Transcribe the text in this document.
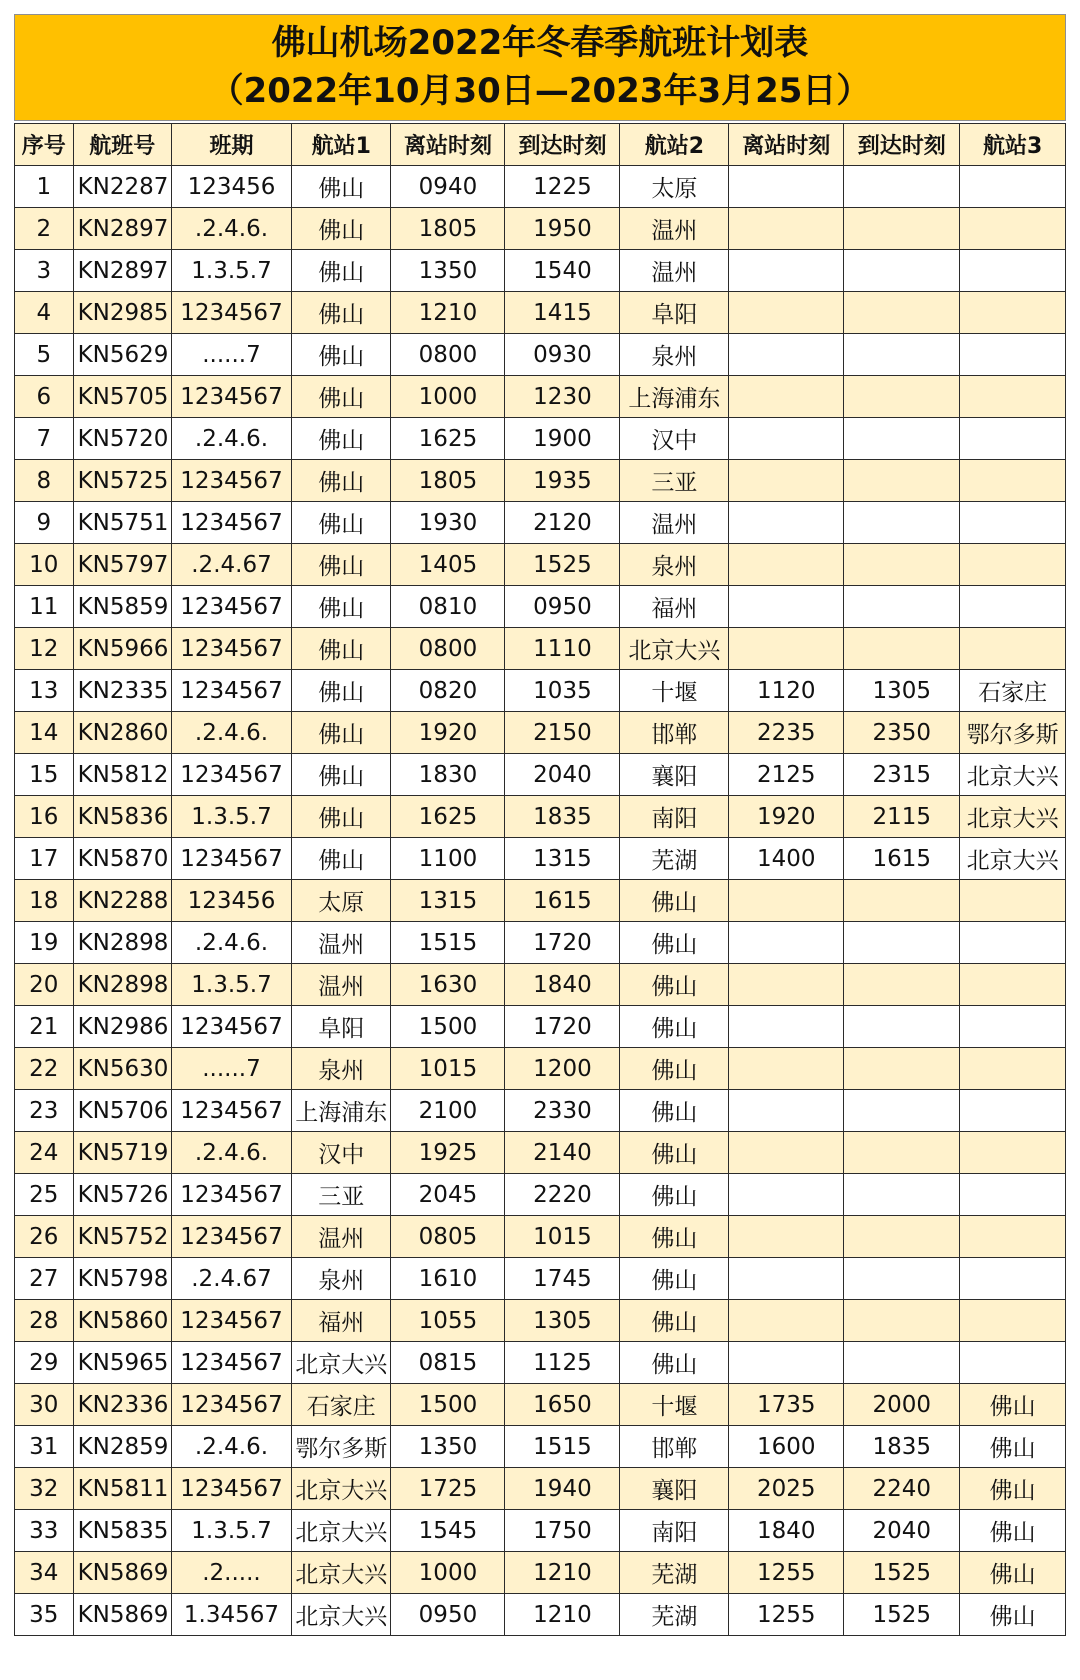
佛山机场2022年冬春季航班计划表
（2022年10月30日—2023年3月25日）
序号	航班号	班期	航站1	离站时刻	到达时刻	航站2	离站时刻	到达时刻	航站3
1	KN2287	123456	佛山	0940	1225	太原			
2	KN2897	.2.4.6.	佛山	1805	1950	温州			
3	KN2897	1.3.5.7	佛山	1350	1540	温州			
4	KN2985	1234567	佛山	1210	1415	阜阳			
5	KN5629	......7	佛山	0800	0930	泉州			
6	KN5705	1234567	佛山	1000	1230	上海浦东			
7	KN5720	.2.4.6.	佛山	1625	1900	汉中			
8	KN5725	1234567	佛山	1805	1935	三亚			
9	KN5751	1234567	佛山	1930	2120	温州			
10	KN5797	.2.4.67	佛山	1405	1525	泉州			
11	KN5859	1234567	佛山	0810	0950	福州			
12	KN5966	1234567	佛山	0800	1110	北京大兴			
13	KN2335	1234567	佛山	0820	1035	十堰	1120	1305	石家庄
14	KN2860	.2.4.6.	佛山	1920	2150	邯郸	2235	2350	鄂尔多斯
15	KN5812	1234567	佛山	1830	2040	襄阳	2125	2315	北京大兴
16	KN5836	1.3.5.7	佛山	1625	1835	南阳	1920	2115	北京大兴
17	KN5870	1234567	佛山	1100	1315	芜湖	1400	1615	北京大兴
18	KN2288	123456	太原	1315	1615	佛山			
19	KN2898	.2.4.6.	温州	1515	1720	佛山			
20	KN2898	1.3.5.7	温州	1630	1840	佛山			
21	KN2986	1234567	阜阳	1500	1720	佛山			
22	KN5630	......7	泉州	1015	1200	佛山			
23	KN5706	1234567	上海浦东	2100	2330	佛山			
24	KN5719	.2.4.6.	汉中	1925	2140	佛山			
25	KN5726	1234567	三亚	2045	2220	佛山			
26	KN5752	1234567	温州	0805	1015	佛山			
27	KN5798	.2.4.67	泉州	1610	1745	佛山			
28	KN5860	1234567	福州	1055	1305	佛山			
29	KN5965	1234567	北京大兴	0815	1125	佛山			
30	KN2336	1234567	石家庄	1500	1650	十堰	1735	2000	佛山
31	KN2859	.2.4.6.	鄂尔多斯	1350	1515	邯郸	1600	1835	佛山
32	KN5811	1234567	北京大兴	1725	1940	襄阳	2025	2240	佛山
33	KN5835	1.3.5.7	北京大兴	1545	1750	南阳	1840	2040	佛山
34	KN5869	.2.....	北京大兴	1000	1210	芜湖	1255	1525	佛山
35	KN5869	1.34567	北京大兴	0950	1210	芜湖	1255	1525	佛山
